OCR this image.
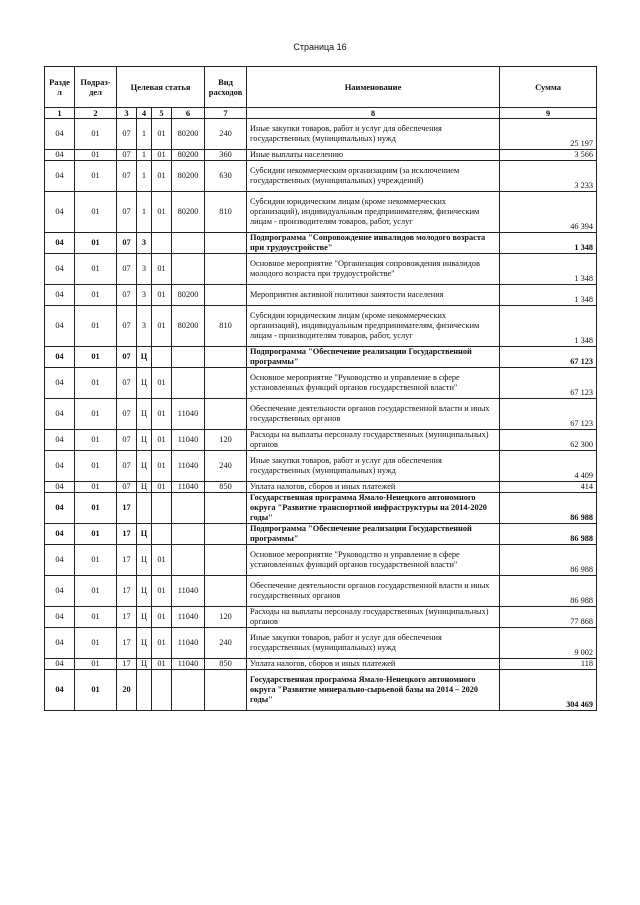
Страница 16
Разде л	Подраз- дел	Целевая статья				Вид расходов	Наименование	Сумма
1	2	3	4	5	6	7	8	9
04	01	07	1	01	80200	240	Иные закупки товаров, работ и услуг для обеспечения государственных (муниципальных) нужд	25 197
04	01	07	1	01	80200	360	Иные выплаты населению	3 566
04	01	07	1	01	80200	630	Субсидии некоммерческим организациям (за исключением государственных (муниципальных) учреждений)	3 233
04	01	07	1	01	80200	810	Субсидии юридическим лицам (кроме некоммерческих организаций), индивидуальным предпринимателям, физическим лицам - производителям товаров, работ, услуг	46 394
04	01	07	3				Подпрограмма "Сопровождение инвалидов молодого возраста при трудоустройстве"	1 348
04	01	07	3	01			Основное мероприятие "Организация сопровождения инвалидов молодого возраста при трудоустройстве"	1 348
04	01	07	3	01	80200		Мероприятия активной политики занятости населения	1 348
04	01	07	3	01	80200	810	Субсидии юридическим лицам (кроме некоммерческих организаций), индивидуальным предпринимателям, физическим лицам - производителям товаров, работ, услуг	1 348
04	01	07	Ц				Подпрограмма "Обеспечение реализации Государственной программы"	67 123
04	01	07	Ц	01			Основное мероприятие "Руководство и управление в сфере установленных функций органов государственной власти"	67 123
04	01	07	Ц	01	11040		Обеспечение деятельности органов государственной власти и иных государственных органов	67 123
04	01	07	Ц	01	11040	120	Расходы на выплаты персоналу государственных (муниципальных) органов	62 300
04	01	07	Ц	01	11040	240	Иные закупки товаров, работ и услуг для обеспечения государственных (муниципальных) нужд	4 409
04	01	07	Ц	01	11040	850	Уплата налогов, сборов и иных платежей	414
04	01	17					Государственная программа Ямало-Ненецкого автономного округа "Развитие транспортной инфраструктуры на 2014-2020 годы"	86 988
04	01	17	Ц				Подпрограмма "Обеспечение реализации Государственной программы"	86 988
04	01	17	Ц	01			Основное мероприятие "Руководство и управление в сфере установленных функций органов государственной власти"	86 988
04	01	17	Ц	01	11040		Обеспечение деятельности органов государственной власти и иных государственных органов	86 988
04	01	17	Ц	01	11040	120	Расходы на выплаты персоналу государственных (муниципальных) органов	77 868
04	01	17	Ц	01	11040	240	Иные закупки товаров, работ и услуг для обеспечения государственных (муниципальных) нужд	9 002
04	01	17	Ц	01	11040	850	Уплата налогов, сборов и иных платежей	118
04	01	20					Государственная программа Ямало-Ненецкого автономного округа "Развитие минерально-сырьевой базы на 2014 – 2020 годы"	304 469
